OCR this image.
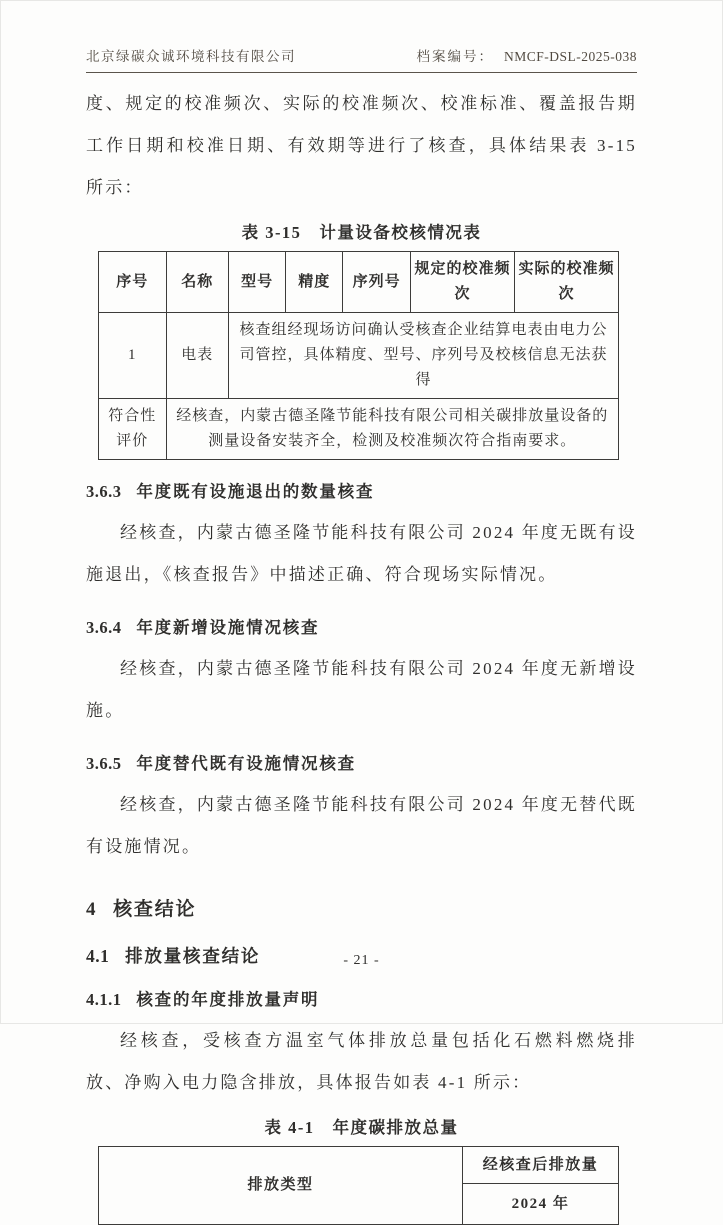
北京绿碳众诚环境科技有限公司	档案编号： NMCF-DSL-2025-038

度、规定的校准频次、实际的校准频次、校准标准、覆盖报告期工作日期和校准日期、有效期等进行了核查，具体结果表 3-15 所示：

表 3-15　计量设备校核情况表
序号	名称	型号	精度	序列号	规定的校准频次	实际的校准频次
1	电表	核查组经现场访问确认受核查企业结算电表由电力公司管控，具体精度、型号、序列号及校核信息无法获得				
符合性评价	经核查，内蒙古德圣隆节能科技有限公司相关碳排放量设备的测量设备安装齐全，检测及校准频次符合指南要求。					
3.6.3 年度既有设施退出的数量核查

经核查，内蒙古德圣隆节能科技有限公司 2024 年度无既有设施退出，《核查报告》中描述正确、符合现场实际情况。

3.6.4 年度新增设施情况核查

经核查，内蒙古德圣隆节能科技有限公司 2024 年度无新增设施。

3.6.5 年度替代既有设施情况核查

经核查，内蒙古德圣隆节能科技有限公司 2024 年度无替代既有设施情况。

4 核查结论
4.1 排放量核查结论
4.1.1 核查的年度排放量声明

经核查，受核查方温室气体排放总量包括化石燃料燃烧排放、净购入电力隐含排放，具体报告如表 4-1 所示：

表 4-1　年度碳排放总量
排放类型	经核查后排放量
2024 年
- 21 -
